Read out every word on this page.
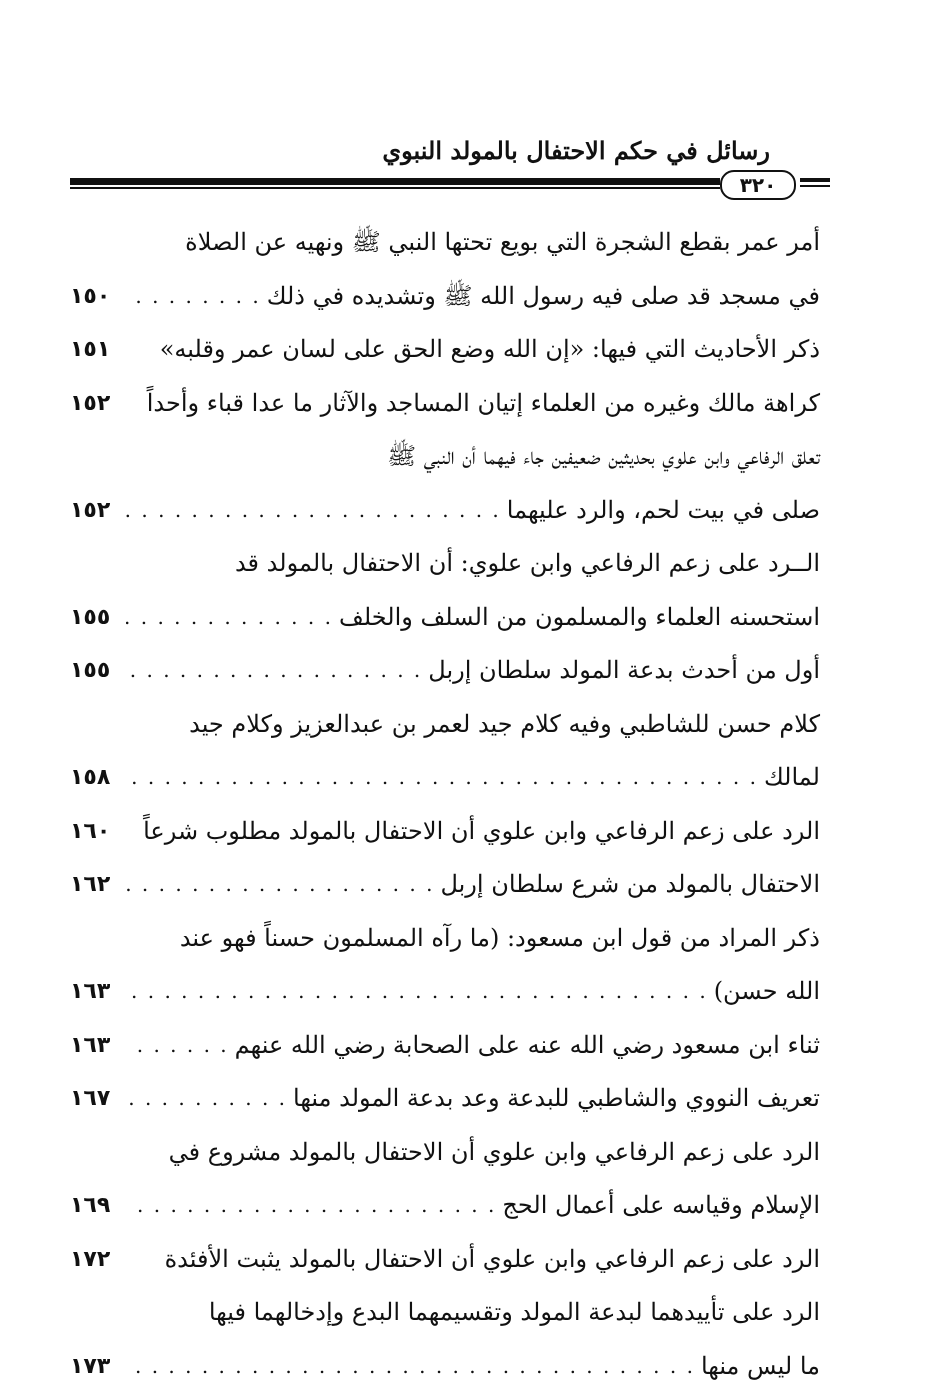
رسائل في حكم الاحتفال بالمولد النبوي
٣٢٠
أمر عمر بقطع الشجرة التي بويع تحتها النبي ﷺ ونهيه عن الصلاة
في مسجد قد صلى فيه رسول الله ﷺ وتشديده في ذلك
. . .
١٥٠
ذكر الأحاديث التي فيها: «إن الله وضع الحق على لسان عمر وقلبه»
١٥١
كراهة مالك وغيره من العلماء إتيان المساجد والآثار ما عدا قباء وأحداً
١٥٢
تعلق الرفاعي وابن علوي بحديثين ضعيفين جاء فيهما أن النبي ﷺ
صلى في بيت لحم، والرد عليهما
. . .
١٥٢
الــرد على زعم الرفاعي وابن علوي: أن الاحتفال بالمولد قد
استحسنه العلماء والمسلمون من السلف والخلف
. . .
١٥٥
أول من أحدث بدعة المولد سلطان إربل
. . .
١٥٥
كلام حسن للشاطبي وفيه كلام جيد لعمر بن عبدالعزيز وكلام جيد
لمالك
. . .
١٥٨
الرد على زعم الرفاعي وابن علوي أن الاحتفال بالمولد مطلوب شرعاً
١٦٠
الاحتفال بالمولد من شرع سلطان إربل
. . .
١٦٢
ذكر المراد من قول ابن مسعود: (ما رآه المسلمون حسناً فهو عند
الله حسن)
. . .
١٦٣
ثناء ابن مسعود رضي الله عنه على الصحابة رضي الله عنهم
. . .
١٦٣
تعريف النووي والشاطبي للبدعة وعد بدعة المولد منها
. . .
١٦٧
الرد على زعم الرفاعي وابن علوي أن الاحتفال بالمولد مشروع في
الإسلام وقياسه على أعمال الحج
. . .
١٦٩
الرد على زعم الرفاعي وابن علوي أن الاحتفال بالمولد يثبت الأفئدة
١٧٢
الرد على تأييدهما لبدعة المولد وتقسيمهما البدع وإدخالهما فيها
ما ليس منها
. . .
١٧٣
